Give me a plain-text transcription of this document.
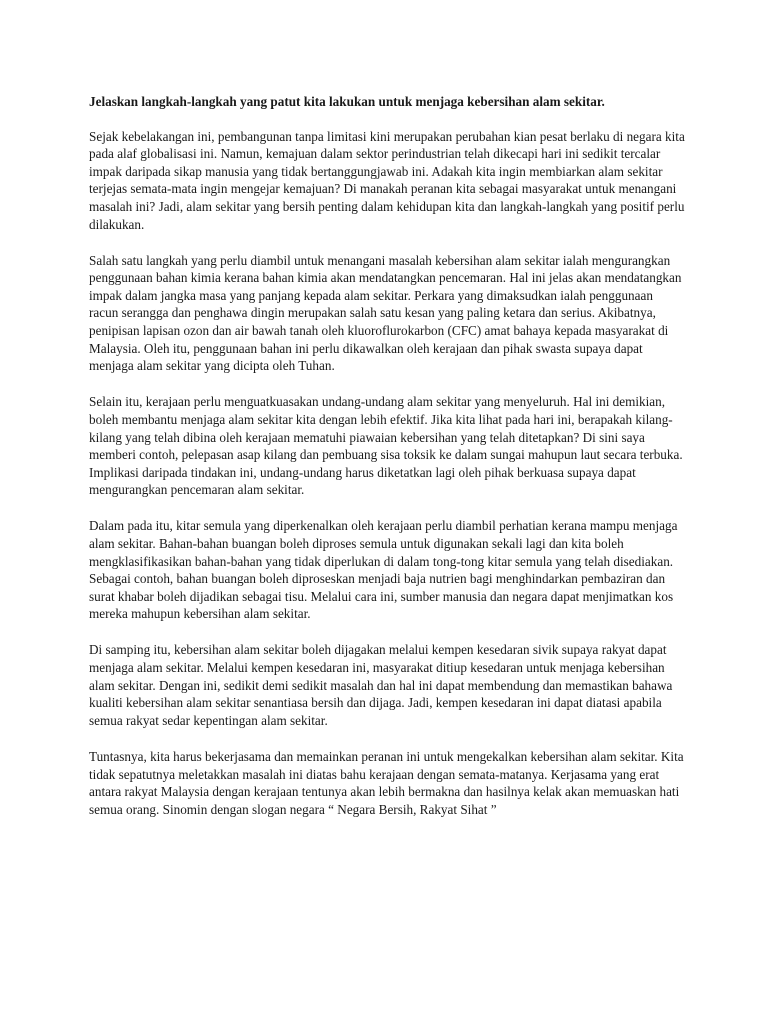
Jelaskan langkah-langkah yang patut kita lakukan untuk menjaga kebersihan alam sekitar.

Sejak kebelakangan ini, pembangunan tanpa limitasi kini merupakan perubahan kian pesat berlaku di negara kita pada alaf globalisasi ini. Namun, kemajuan dalam sektor perindustrian telah dikecapi hari ini sedikit tercalar impak daripada sikap manusia yang tidak bertanggungjawab ini. Adakah kita ingin membiarkan alam sekitar terjejas semata-mata ingin mengejar kemajuan? Di manakah peranan kita sebagai masyarakat untuk menangani masalah ini? Jadi, alam sekitar yang bersih penting dalam kehidupan kita dan langkah-langkah yang positif perlu dilakukan.

Salah satu langkah yang perlu diambil untuk menangani masalah kebersihan alam sekitar ialah mengurangkan penggunaan bahan kimia kerana bahan kimia akan mendatangkan pencemaran. Hal ini jelas akan mendatangkan impak dalam jangka masa yang panjang kepada alam sekitar. Perkara yang dimaksudkan ialah penggunaan racun serangga dan penghawa dingin merupakan salah satu kesan yang paling ketara dan serius. Akibatnya, penipisan lapisan ozon dan air bawah tanah oleh kluoroflurokarbon (CFC) amat bahaya kepada masyarakat di Malaysia. Oleh itu, penggunaan bahan ini perlu dikawalkan oleh kerajaan dan pihak swasta supaya dapat menjaga alam sekitar yang dicipta oleh Tuhan.

Selain itu, kerajaan perlu menguatkuasakan undang-undang alam sekitar yang menyeluruh. Hal ini demikian, boleh membantu menjaga alam sekitar kita dengan lebih efektif. Jika kita lihat pada hari ini, berapakah kilang-kilang yang telah dibina oleh kerajaan mematuhi piawaian kebersihan yang telah ditetapkan? Di sini saya memberi contoh, pelepasan asap kilang dan pembuang sisa toksik ke dalam sungai mahupun laut secara terbuka. Implikasi daripada tindakan ini, undang-undang harus diketatkan lagi oleh pihak berkuasa supaya dapat mengurangkan pencemaran alam sekitar.

Dalam pada itu, kitar semula yang diperkenalkan oleh kerajaan perlu diambil perhatian kerana mampu menjaga alam sekitar. Bahan-bahan buangan boleh diproses semula untuk digunakan sekali lagi dan kita boleh mengklasifikasikan bahan-bahan yang tidak diperlukan di dalam tong-tong kitar semula yang telah disediakan. Sebagai contoh, bahan buangan boleh diproseskan menjadi baja nutrien bagi menghindarkan pembaziran dan surat khabar boleh dijadikan sebagai tisu. Melalui cara ini, sumber manusia dan negara dapat menjimatkan kos mereka mahupun kebersihan alam sekitar.

Di samping itu, kebersihan alam sekitar boleh dijagakan melalui kempen kesedaran sivik supaya rakyat dapat menjaga alam sekitar. Melalui kempen kesedaran ini, masyarakat ditiup kesedaran untuk menjaga kebersihan alam sekitar. Dengan ini, sedikit demi sedikit masalah dan hal ini dapat membendung dan memastikan bahawa kualiti kebersihan alam sekitar senantiasa bersih dan dijaga. Jadi, kempen kesedaran ini dapat diatasi apabila semua rakyat sedar kepentingan alam sekitar.

Tuntasnya, kita harus bekerjasama dan memainkan peranan ini untuk mengekalkan kebersihan alam sekitar. Kita tidak sepatutnya meletakkan masalah ini diatas bahu kerajaan dengan semata-matanya. Kerjasama yang erat antara rakyat Malaysia dengan kerajaan tentunya akan lebih bermakna dan hasilnya kelak akan memuaskan hati semua orang. Sinomin dengan slogan negara “ Negara Bersih, Rakyat Sihat ”
